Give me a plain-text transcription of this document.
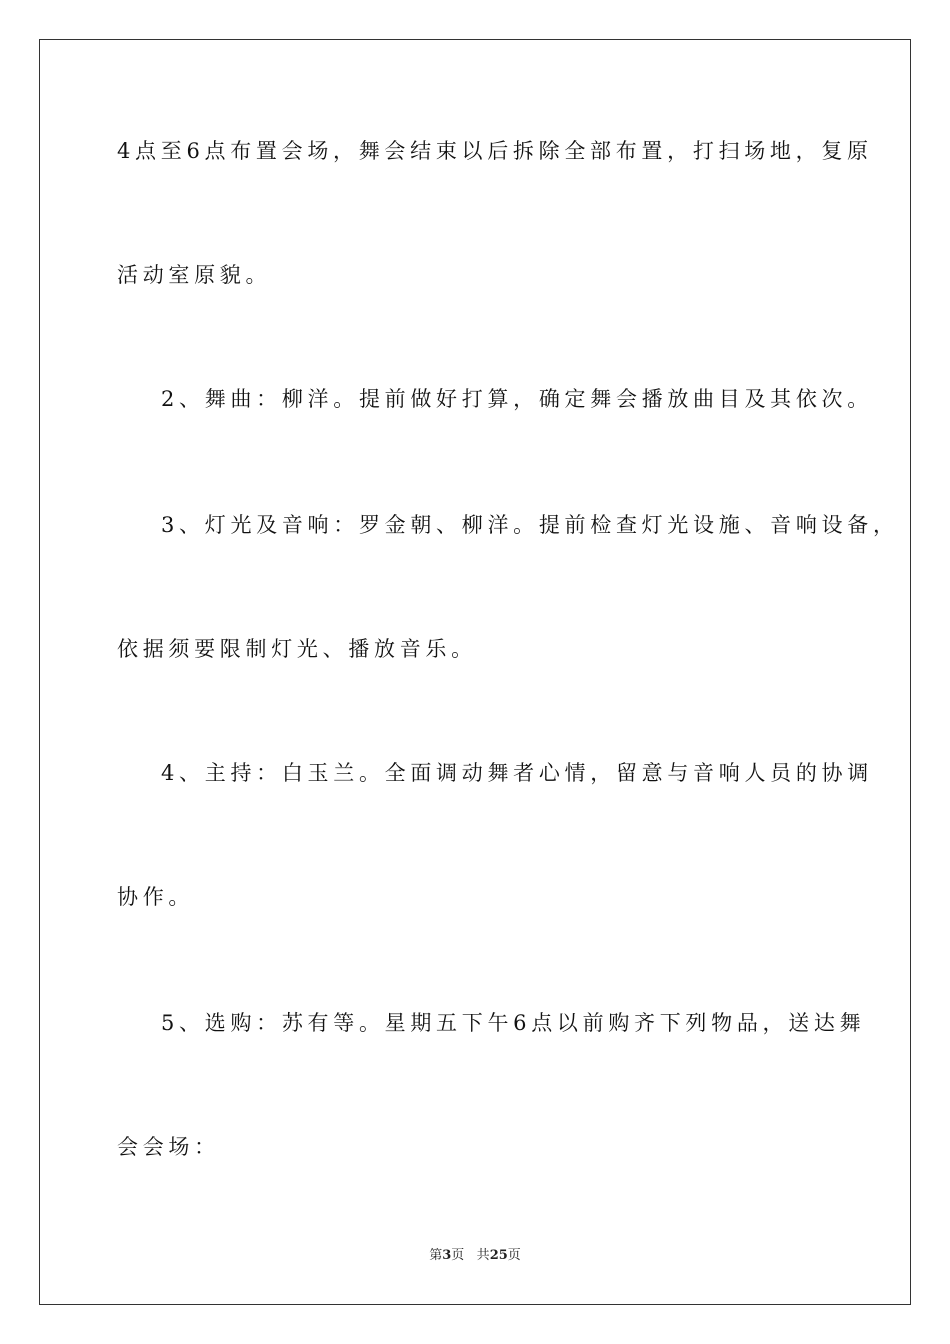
4点至6点布置会场，舞会结束以后拆除全部布置，打扫场地，复原
活动室原貌。
2、舞曲：柳洋。提前做好打算，确定舞会播放曲目及其依次。
3、灯光及音响：罗金朝、柳洋。提前检查灯光设施、音响设备，
依据须要限制灯光、播放音乐。
4、主持：白玉兰。全面调动舞者心情，留意与音响人员的协调
协作。
5、选购：苏有等。星期五下午6点以前购齐下列物品，送达舞
会会场：
第3页 共25页
